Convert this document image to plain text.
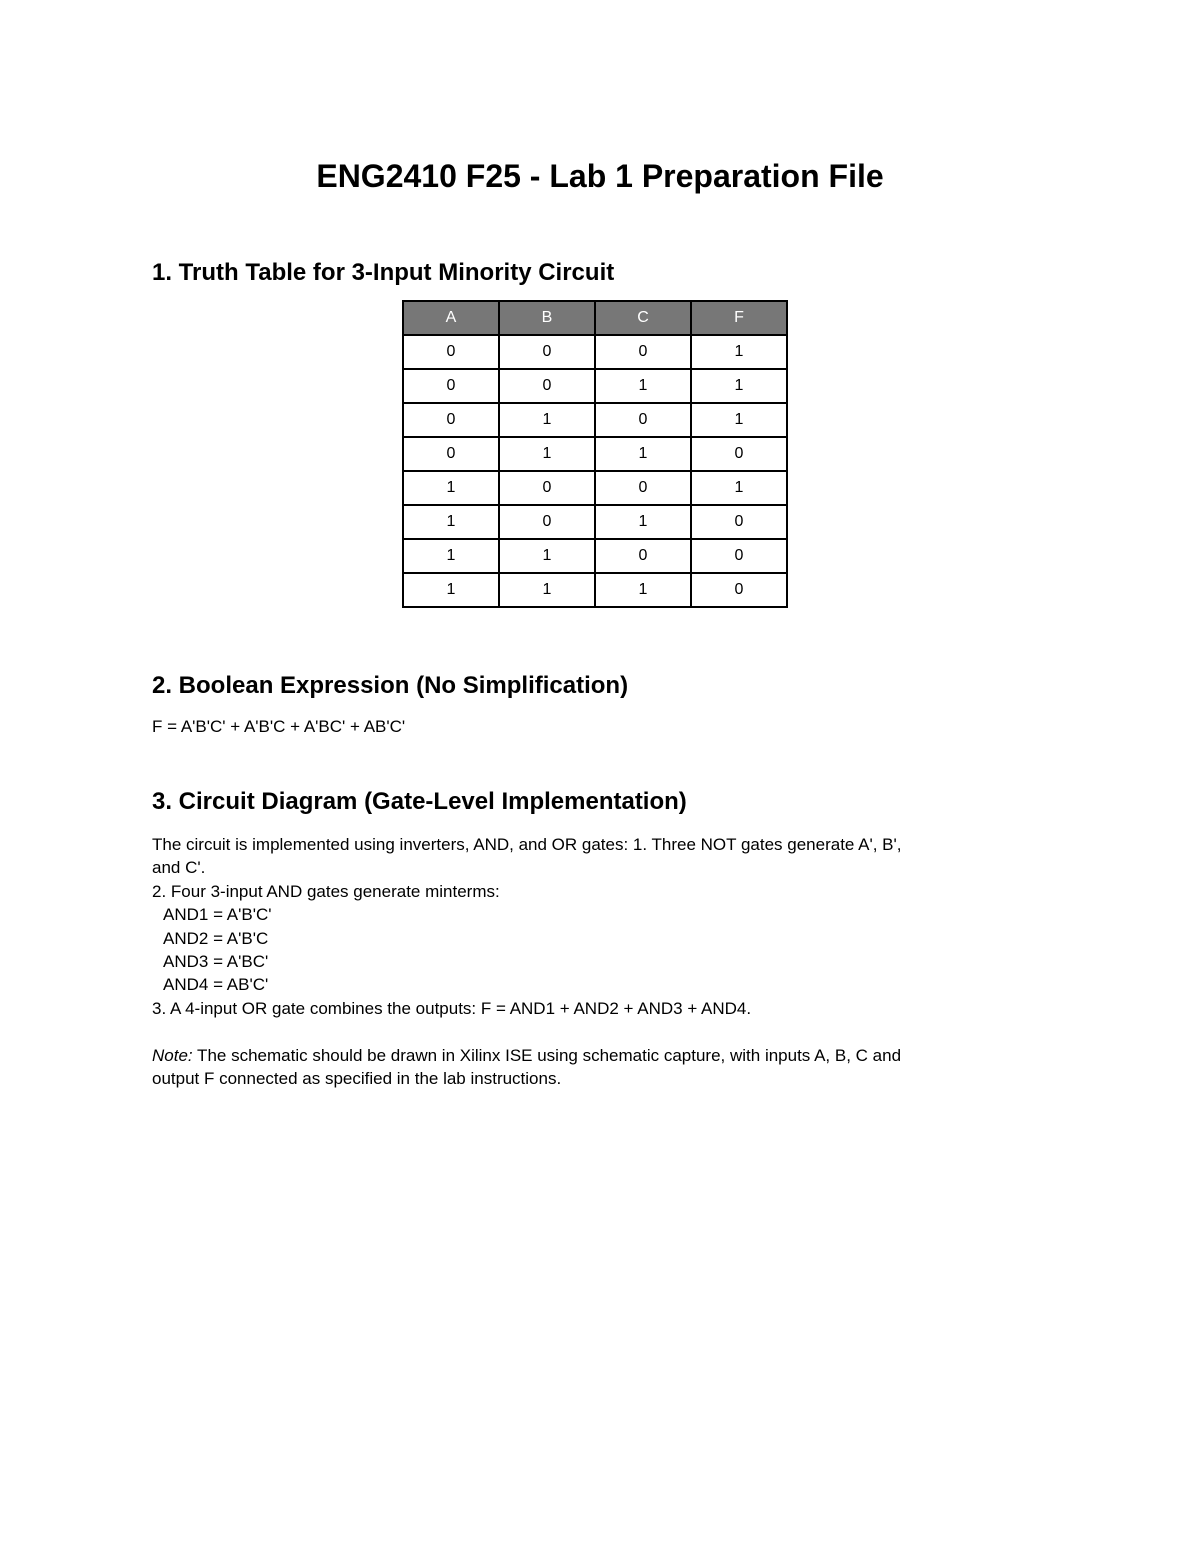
ENG2410 F25 - Lab 1 Preparation File
1. Truth Table for 3-Input Minority Circuit
A	B	C	F
0	0	0	1
0	0	1	1
0	1	0	1
0	1	1	0
1	0	0	1
1	0	1	0
1	1	0	0
1	1	1	0
2. Boolean Expression (No Simplification)

F = A'B'C' + A'B'C + A'BC' + AB'C'

3. Circuit Diagram (Gate-Level Implementation)
The circuit is implemented using inverters, AND, and OR gates: 1. Three NOT gates generate A', B',
and C'.
2. Four 3-input AND gates generate minterms:
AND1 = A'B'C'
AND2 = A'B'C
AND3 = A'BC'
AND4 = AB'C'
3. A 4-input OR gate combines the outputs: F = AND1 + AND2 + AND3 + AND4.
Note: The schematic should be drawn in Xilinx ISE using schematic capture, with inputs A, B, C and
output F connected as specified in the lab instructions.
